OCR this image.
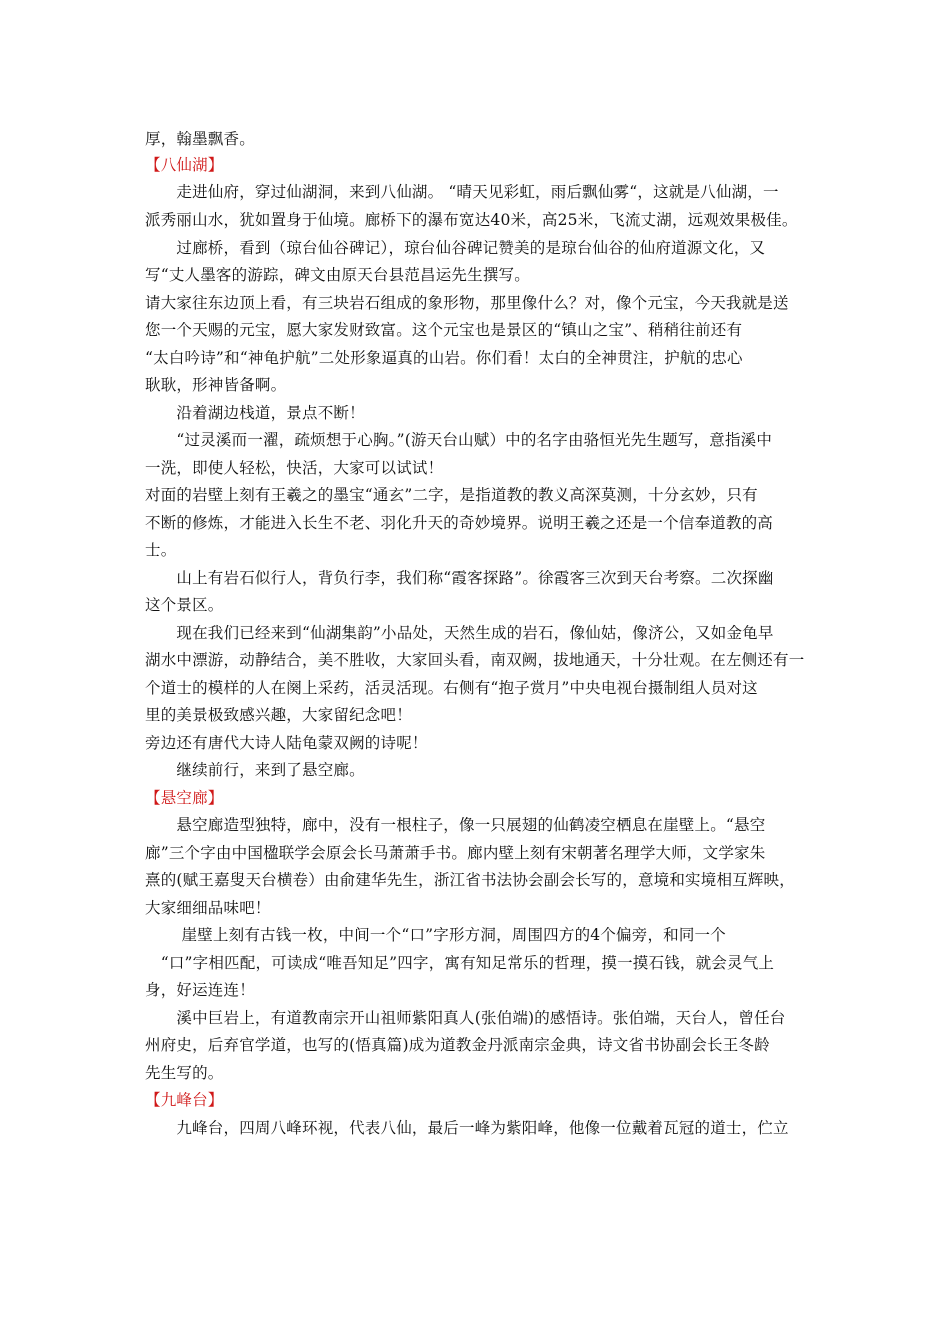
厚，翰墨飘香。
【八仙湖】
　　走进仙府，穿过仙湖洞，来到八仙湖。 “晴天见彩虹，雨后飘仙雾“，这就是八仙湖，一
派秀丽山水，犹如置身于仙境。廊桥下的瀑布宽达40米，高25米，飞流丈湖，远观效果极佳。
　　过廊桥，看到（琼台仙谷碑记），琼台仙谷碑记赞美的是琼台仙谷的仙府道源文化，又
写“丈人墨客的游踪，碑文由原天台县范昌运先生撰写。
请大家往东边顶上看，有三块岩石组成的象形物，那里像什么？对，像个元宝，今天我就是送
您一个天赐的元宝，愿大家发财致富。这个元宝也是景区的“镇山之宝”、稍稍往前还有
“太白吟诗”和“神龟护航”二处形象逼真的山岩。你们看！太白的全神贯注，护航的忠心
耿耿，形神皆备啊。
　　沿着湖边栈道，景点不断！
　　“过灵溪而一濯，疏烦想于心胸。”(游天台山赋）中的名字由骆恒光先生题写，意指溪中
一洗，即使人轻松，快活，大家可以试试！
对面的岩壁上刻有王羲之的墨宝“通玄”二字，是指道教的教义高深莫测，十分玄妙，只有
不断的修炼，才能进入长生不老、羽化升天的奇妙境界。说明王羲之还是一个信奉道教的高
士。
　　山上有岩石似行人，背负行李，我们称“霞客探路”。徐霞客三次到天台考察。二次探幽
这个景区。
　　现在我们已经来到“仙湖集韵”小品处，天然生成的岩石，像仙姑，像济公，又如金龟早
湖水中漂游，动静结合，美不胜收，大家回头看，南双阙，拔地通天，十分壮观。在左侧还有一
个道士的模样的人在阕上采药，活灵活现。右侧有“抱子赏月”中央电视台摄制组人员对这
里的美景极致感兴趣，大家留纪念吧！
旁边还有唐代大诗人陆龟蒙双阙的诗呢！
　　继续前行，来到了悬空廊。
【悬空廊】
　　悬空廊造型独特，廊中，没有一根柱子，像一只展翅的仙鹤凌空栖息在崖壁上。“悬空
廊”三个字由中国楹联学会原会长马萧萧手书。廊内壁上刻有宋朝著名理学大师，文学家朱
熹的(赋王嘉叟天台横卷）由俞建华先生，浙江省书法协会副会长写的，意境和实境相互辉映，
大家细细品味吧！
　　 崖壁上刻有古钱一枚，中间一个“口”字形方洞，周围四方的4个偏旁，和同一个
　“口”字相匹配，可读成“唯吾知足”四字，寓有知足常乐的哲理，摸一摸石钱，就会灵气上
身，好运连连！
　　溪中巨岩上，有道教南宗开山祖师紫阳真人(张伯端)的感悟诗。张伯端，天台人，曾任台
州府史，后弃官学道，也写的(悟真篇)成为道教金丹派南宗金典，诗文省书协副会长王冬龄
先生写的。
【九峰台】
　　九峰台，四周八峰环视，代表八仙，最后一峰为紫阳峰，他像一位戴着瓦冠的道士，伫立
